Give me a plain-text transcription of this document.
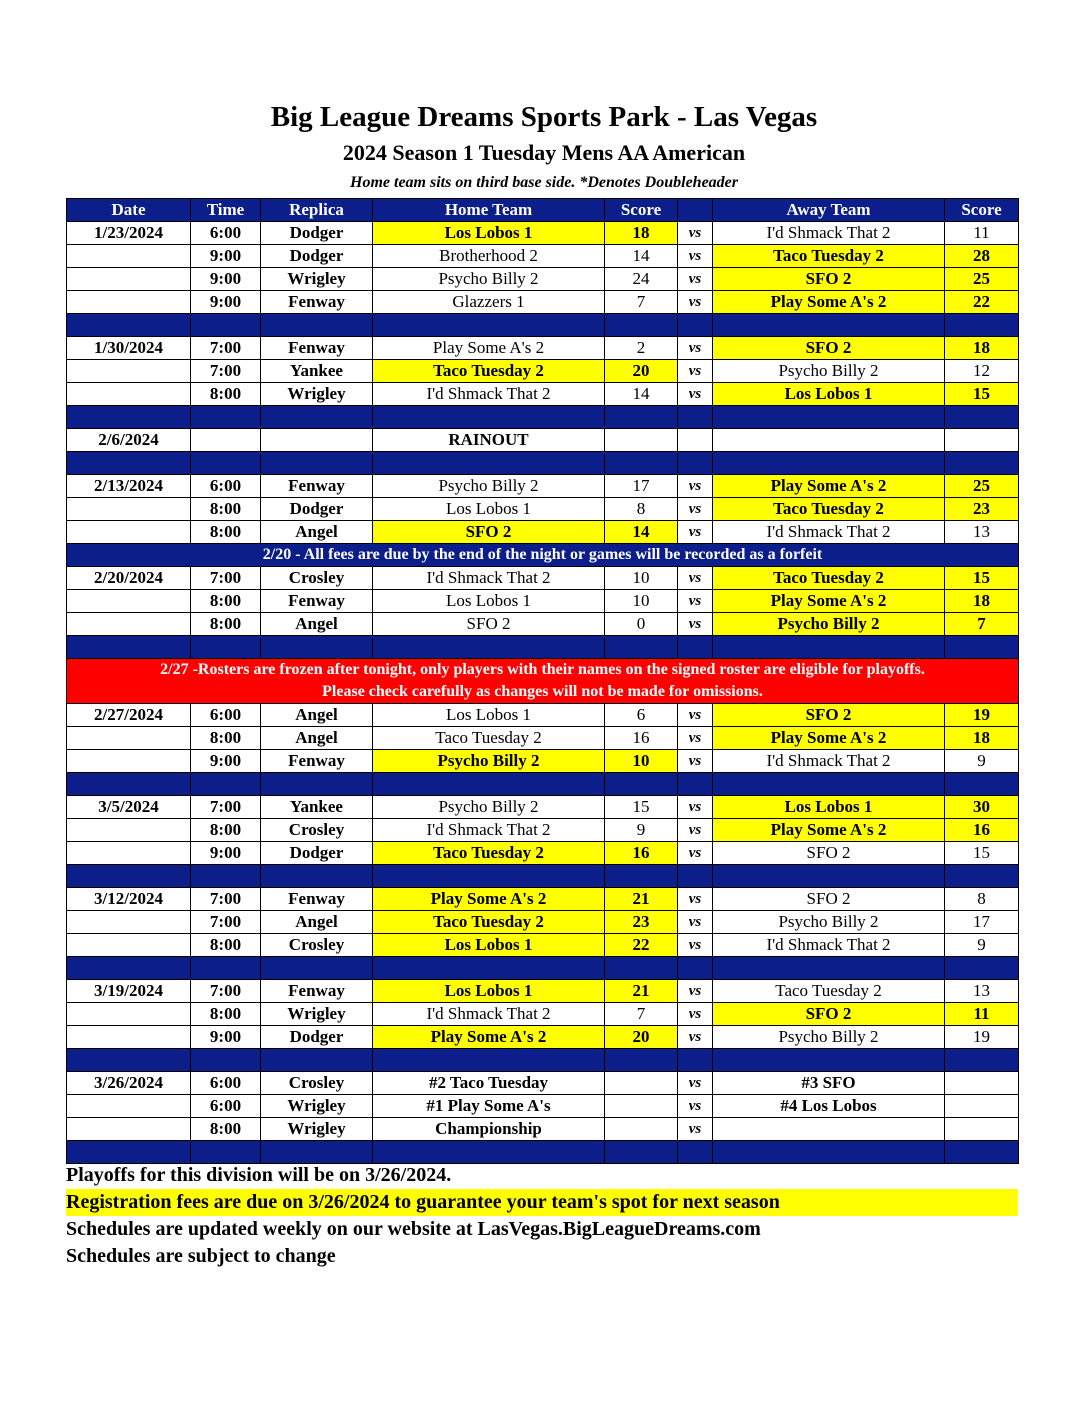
Big League Dreams Sports Park - Las Vegas
2024 Season 1 Tuesday Mens AA American
Home team sits on third base side. *Denotes Doubleheader
Date	Time	Replica	Home Team	Score		Away Team	Score
1/23/2024	6:00	Dodger	Los Lobos 1	18	vs	I'd Shmack That 2	11
	9:00	Dodger	Brotherhood 2	14	vs	Taco Tuesday 2	28
	9:00	Wrigley	Psycho Billy 2	24	vs	SFO 2	25
	9:00	Fenway	Glazzers 1	7	vs	Play Some A's 2	22

1/30/2024	7:00	Fenway	Play Some A's 2	2	vs	SFO 2	18
	7:00	Yankee	Taco Tuesday 2	20	vs	Psycho Billy 2	12
	8:00	Wrigley	I'd Shmack That 2	14	vs	Los Lobos 1	15

2/6/2024			RAINOUT				

2/13/2024	6:00	Fenway	Psycho Billy 2	17	vs	Play Some A's 2	25
	8:00	Dodger	Los Lobos 1	8	vs	Taco Tuesday 2	23
	8:00	Angel	SFO 2	14	vs	I'd Shmack That 2	13
2/20 - All fees are due by the end of the night or games will be recorded as a forfeit							
2/20/2024	7:00	Crosley	I'd Shmack That 2	10	vs	Taco Tuesday 2	15
	8:00	Fenway	Los Lobos 1	10	vs	Play Some A's 2	18
	8:00	Angel	SFO 2	0	vs	Psycho Billy 2	7

2/27 -Rosters are frozen after tonight, only players with their names on the signed roster are eligible for playoffs.
Please check carefully as changes will not be made for omissions.							

2/27/2024	6:00	Angel	Los Lobos 1	6	vs	SFO 2	19
	8:00	Angel	Taco Tuesday 2	16	vs	Play Some A's 2	18
	9:00	Fenway	Psycho Billy 2	10	vs	I'd Shmack That 2	9

3/5/2024	7:00	Yankee	Psycho Billy 2	15	vs	Los Lobos 1	30
	8:00	Crosley	I'd Shmack That 2	9	vs	Play Some A's 2	16
	9:00	Dodger	Taco Tuesday 2	16	vs	SFO 2	15

3/12/2024	7:00	Fenway	Play Some A's 2	21	vs	SFO 2	8
	7:00	Angel	Taco Tuesday 2	23	vs	Psycho Billy 2	17
	8:00	Crosley	Los Lobos 1	22	vs	I'd Shmack That 2	9

3/19/2024	7:00	Fenway	Los Lobos 1	21	vs	Taco Tuesday 2	13
	8:00	Wrigley	I'd Shmack That 2	7	vs	SFO 2	11
	9:00	Dodger	Play Some A's 2	20	vs	Psycho Billy 2	19

3/26/2024	6:00	Crosley	#2 Taco Tuesday		vs	#3 SFO	
	6:00	Wrigley	#1 Play Some A's		vs	#4 Los Lobos	
	8:00	Wrigley	Championship		vs		

Playoffs for this division will be on 3/26/2024.
Registration fees are due on 3/26/2024 to guarantee your team's spot for next season
Schedules are updated weekly on our website at LasVegas.BigLeagueDreams.com
Schedules are subject to change
